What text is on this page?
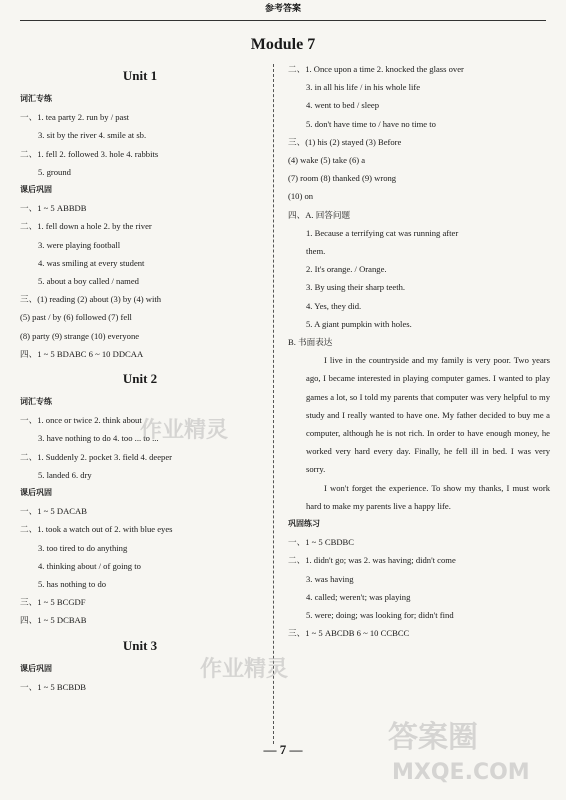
参考答案
Module 7
Unit 1
词汇专练
一、1. tea party 2. run by / past
3. sit by the river 4. smile at sb.
二、1. fell 2. followed 3. hole 4. rabbits
5. ground
课后巩固
一、1 ~ 5 ABBDB
二、1. fell down a hole 2. by the river
3. were playing football
4. was smiling at every student
5. about a boy called / named
三、(1) reading (2) about (3) by (4) with
(5) past / by (6) followed (7) fell
(8) party (9) strange (10) everyone
四、1 ~ 5 BDABC 6 ~ 10 DDCAA
Unit 2
词汇专练
一、1. once or twice 2. think about
3. have nothing to do 4. too ... to ...
二、1. Suddenly 2. pocket 3. field 4. deeper
5. landed 6. dry
课后巩固
一、1 ~ 5 DACAB
二、1. took a watch out of 2. with blue eyes
3. too tired to do anything
4. thinking about / of going to
5. has nothing to do
三、1 ~ 5 BCGDF
四、1 ~ 5 DCBAB
Unit 3
课后巩固
一、1 ~ 5 BCBDB
二、1. Once upon a time 2. knocked the glass over
3. in all his life / in his whole life
4. went to bed / sleep
5. don't have time to / have no time to
三、(1) his (2) stayed (3) Before
(4) wake (5) take (6) a
(7) room (8) thanked (9) wrong
(10) on
四、A. 回答问题
1. Because a terrifying cat was running after
them.
2. It's orange. / Orange.
3. By using their sharp teeth.
4. Yes, they did.
5. A giant pumpkin with holes.
B. 书面表达
I live in the countryside and my family is very poor. Two years ago, I became interested in playing computer games. I wanted to play games a lot, so I told my parents that computer was very helpful to my study and I really wanted to have one. My father decided to buy me a computer, although he is not rich. In order to have enough money, he worked very hard every day. Finally, he fell ill in bed. I was very sorry.
I won't forget the experience. To show my thanks, I must work hard to make my parents live a happy life.
巩固练习
一、1 ~ 5 CBDBC
二、1. didn't go; was 2. was having; didn't come
3. was having
4. called; weren't; was playing
5. were; doing; was looking for; didn't find
三、1 ~ 5 ABCDB 6 ~ 10 CCBCC
作业精灵
作业精灵
答案圈
MXQE.COM
— 7 —
